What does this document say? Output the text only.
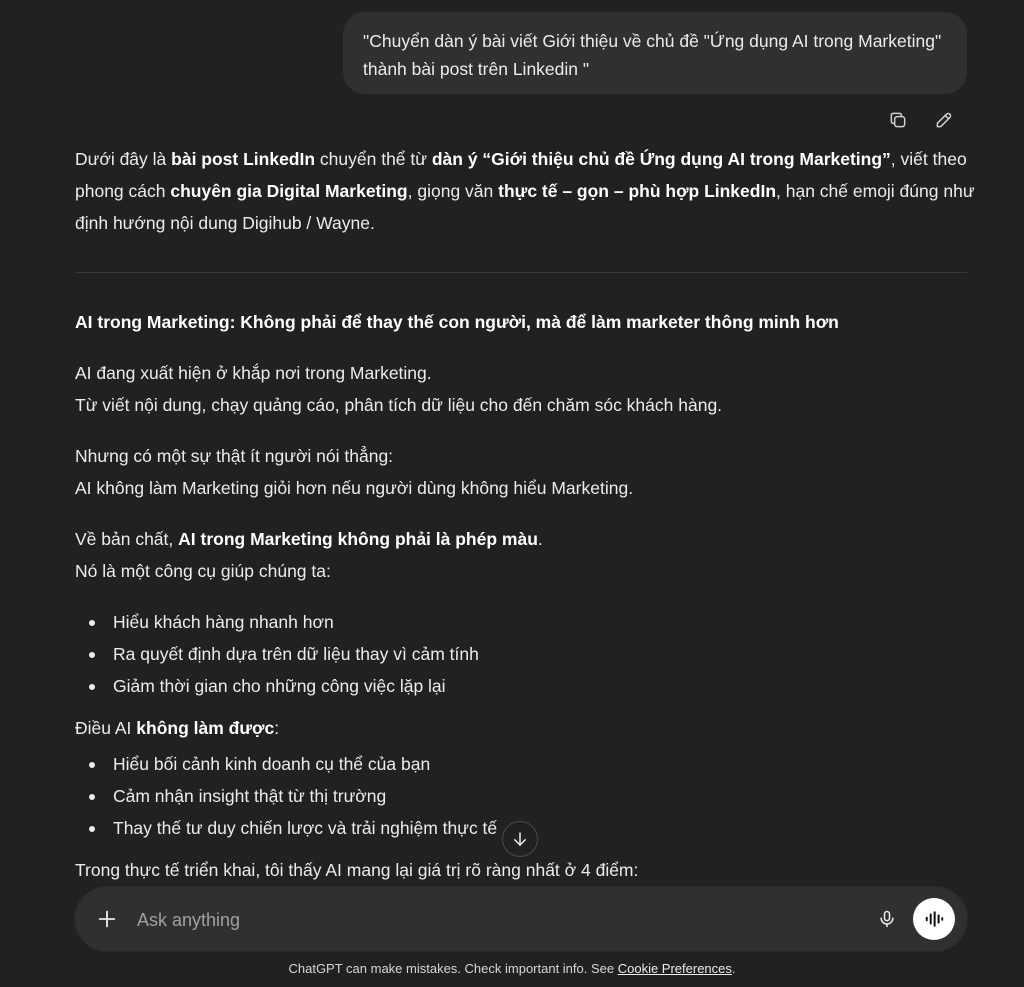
"Chuyển dàn ý bài viết Giới thiệu về chủ đề "Ứng dụng AI trong Marketing" thành bài post trên Linkedin "

Dưới đây là bài post LinkedIn chuyển thể từ dàn ý “Giới thiệu chủ đề Ứng dụng AI trong Marketing”, viết theo phong cách chuyên gia Digital Marketing, giọng văn thực tế – gọn – phù hợp LinkedIn, hạn chế emoji đúng như định hướng nội dung Digihub / Wayne.

AI trong Marketing: Không phải để thay thế con người, mà để làm marketer thông minh hơn

AI đang xuất hiện ở khắp nơi trong Marketing.

Từ viết nội dung, chạy quảng cáo, phân tích dữ liệu cho đến chăm sóc khách hàng.

Nhưng có một sự thật ít người nói thẳng:

AI không làm Marketing giỏi hơn nếu người dùng không hiểu Marketing.

Về bản chất, AI trong Marketing không phải là phép màu.

Nó là một công cụ giúp chúng ta:

Hiểu khách hàng nhanh hơn
Ra quyết định dựa trên dữ liệu thay vì cảm tính
Giảm thời gian cho những công việc lặp lại

Điều AI không làm được:

Hiểu bối cảnh kinh doanh cụ thể của bạn
Cảm nhận insight thật từ thị trường
Thay thế tư duy chiến lược và trải nghiệm thực tế

Trong thực tế triển khai, tôi thấy AI mang lại giá trị rõ ràng nhất ở 4 điểm:

Ask anything
ChatGPT can make mistakes. Check important info. See Cookie Preferences.
